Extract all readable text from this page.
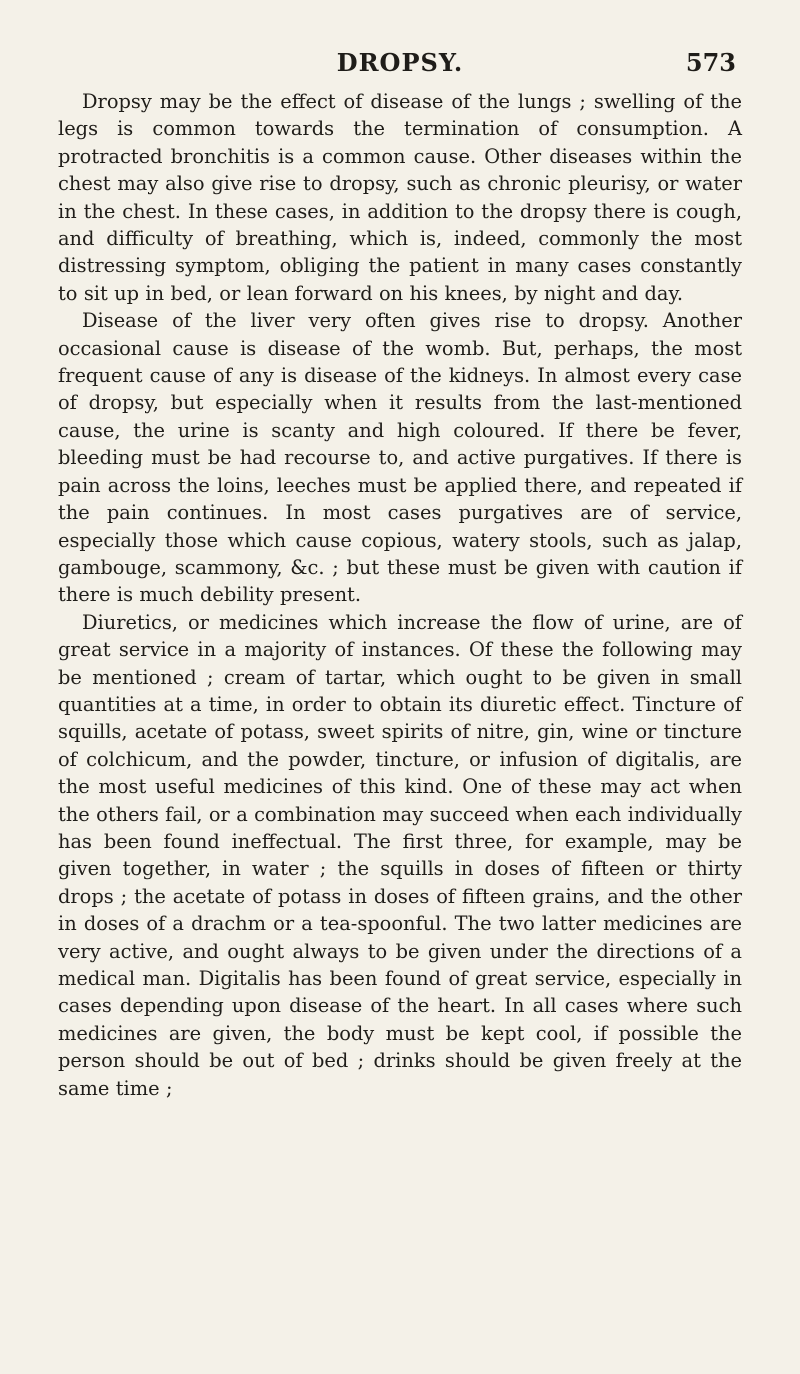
DROPSY.	573

Dropsy may be the effect of disease of the lungs ; swelling of the legs is common towards the termination of consumption. A protracted bronchitis is a common cause. Other diseases within the chest may also give rise to dropsy, such as chronic pleurisy, or water in the chest. In these cases, in addition to the dropsy there is cough, and difficulty of breathing, which is, indeed, commonly the most distressing symptom, obliging the patient in many cases constantly to sit up in bed, or lean forward on his knees, by night and day.

Disease of the liver very often gives rise to dropsy. Another occasional cause is disease of the womb. But, perhaps, the most frequent cause of any is disease of the kidneys. In almost every case of dropsy, but especially when it results from the last-mentioned cause, the urine is scanty and high coloured. If there be fever, bleeding must be had recourse to, and active purgatives. If there is pain across the loins, leeches must be applied there, and repeated if the pain continues. In most cases purgatives are of service, especially those which cause copious, watery stools, such as jalap, gambouge, scammony, &c. ; but these must be given with caution if there is much debility present.

Diuretics, or medicines which increase the flow of urine, are of great service in a majority of instances. Of these the following may be mentioned ; cream of tartar, which ought to be given in small quantities at a time, in order to obtain its diuretic effect. Tincture of squills, acetate of potass, sweet spirits of nitre, gin, wine or tincture of colchicum, and the powder, tincture, or infusion of digitalis, are the most useful medicines of this kind. One of these may act when the others fail, or a combination may succeed when each individually has been found ineffectual. The first three, for example, may be given together, in water ; the squills in doses of fifteen or thirty drops ; the acetate of potass in doses of fifteen grains, and the other in doses of a drachm or a tea-spoonful. The two latter medicines are very active, and ought always to be given under the directions of a medical man. Digitalis has been found of great service, especially in cases depending upon disease of the heart. In all cases where such medicines are given, the body must be kept cool, if possible the person should be out of bed ; drinks should be given freely at the same time ;
